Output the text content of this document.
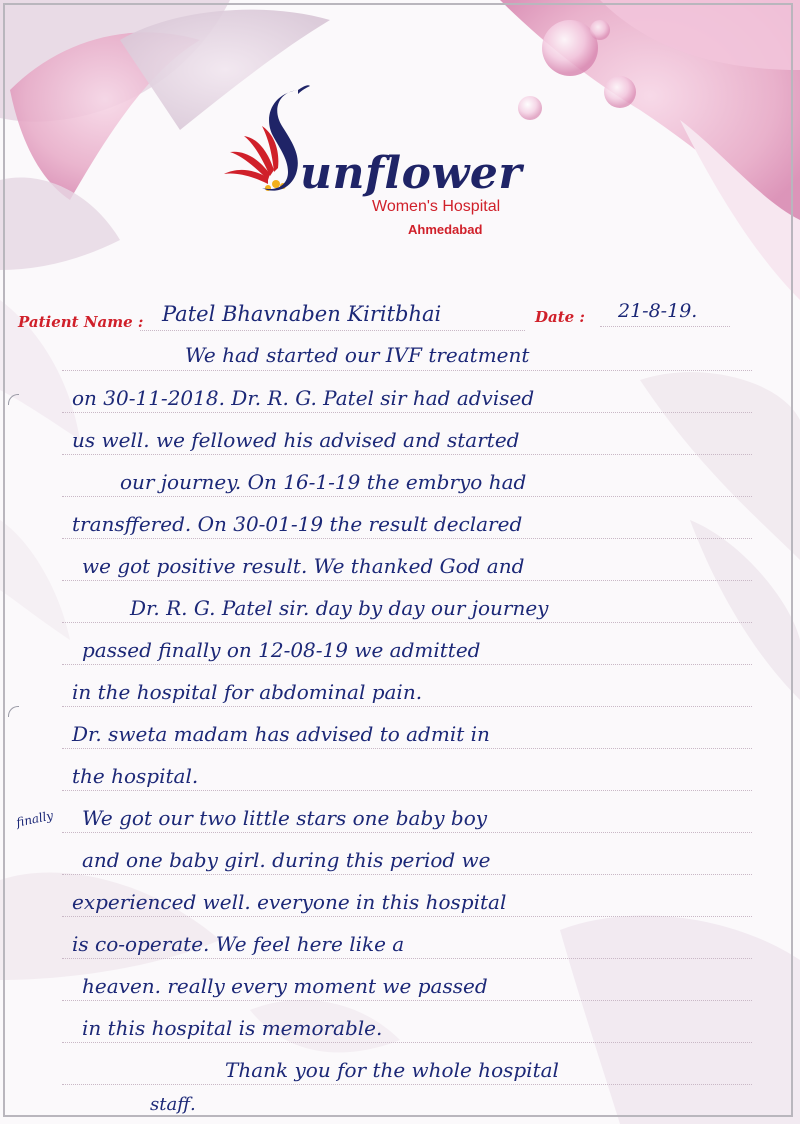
unflower
Women's Hospital
Ahmedabad
Patient Name : Patel Bhavnaben Kiritbhai	Date : 21-8-19.
finally
We had started our IVF treatment
on 30-11-2018. Dr. R. G. Patel sir had advised
us well. we fellowed his advised and started
our journey. On 16-1-19 the embryo had
transffered. On 30-01-19 the result declared
we got positive result. We thanked God and
Dr. R. G. Patel sir. day by day our journey
passed finally on 12-08-19 we admitted
in the hospital for abdominal pain.
Dr. sweta madam has advised to admit in
the hospital.
We got our two little stars one baby boy
and one baby girl. during this period we
experienced well. everyone in this hospital
is co-operate. We feel here like a
heaven. really every moment we passed
in this hospital is memorable.
Thank you for the whole hospital
staff.
